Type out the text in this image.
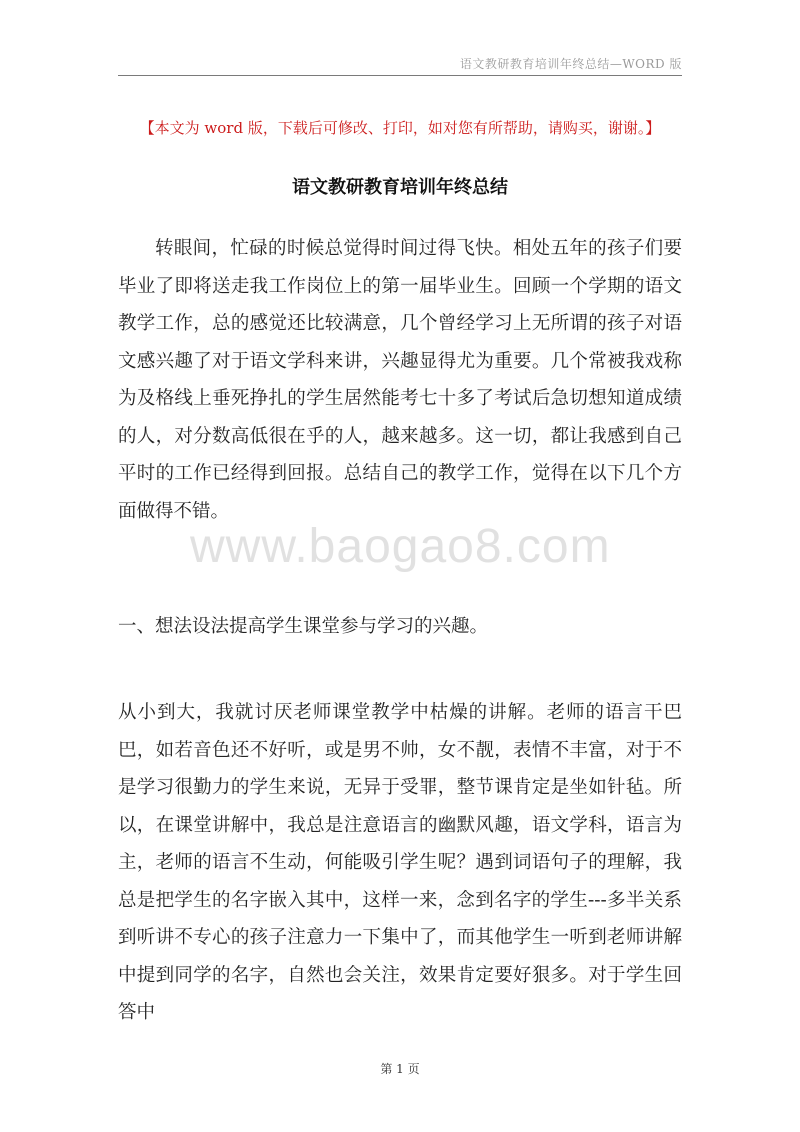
语文教研教育培训年终总结—WORD 版
【本文为 word 版，下载后可修改、打印，如对您有所帮助，请购买，谢谢。】
语文教研教育培训年终总结

转眼间，忙碌的时候总觉得时间过得飞快。相处五年的孩子们要毕业了即将送走我工作岗位上的第一届毕业生。回顾一个学期的语文教学工作，总的感觉还比较满意，几个曾经学习上无所谓的孩子对语文感兴趣了对于语文学科来讲，兴趣显得尤为重要。几个常被我戏称为及格线上垂死挣扎的学生居然能考七十多了考试后急切想知道成绩的人，对分数高低很在乎的人，越来越多。这一切，都让我感到自己平时的工作已经得到回报。总结自己的教学工作，觉得在以下几个方面做得不错。

一、想法设法提高学生课堂参与学习的兴趣。

从小到大，我就讨厌老师课堂教学中枯燥的讲解。老师的语言干巴巴，如若音色还不好听，或是男不帅，女不靓，表情不丰富，对于不是学习很勤力的学生来说，无异于受罪，整节课肯定是坐如针毡。所以，在课堂讲解中，我总是注意语言的幽默风趣，语文学科，语言为主，老师的语言不生动，何能吸引学生呢？遇到词语句子的理解，我总是把学生的名字嵌入其中，这样一来，念到名字的学生---多半关系到听讲不专心的孩子注意力一下集中了，而其他学生一听到老师讲解中提到同学的名字，自然也会关注，效果肯定要好狠多。对于学生回答中

www.baogao8.com
第 1 页
